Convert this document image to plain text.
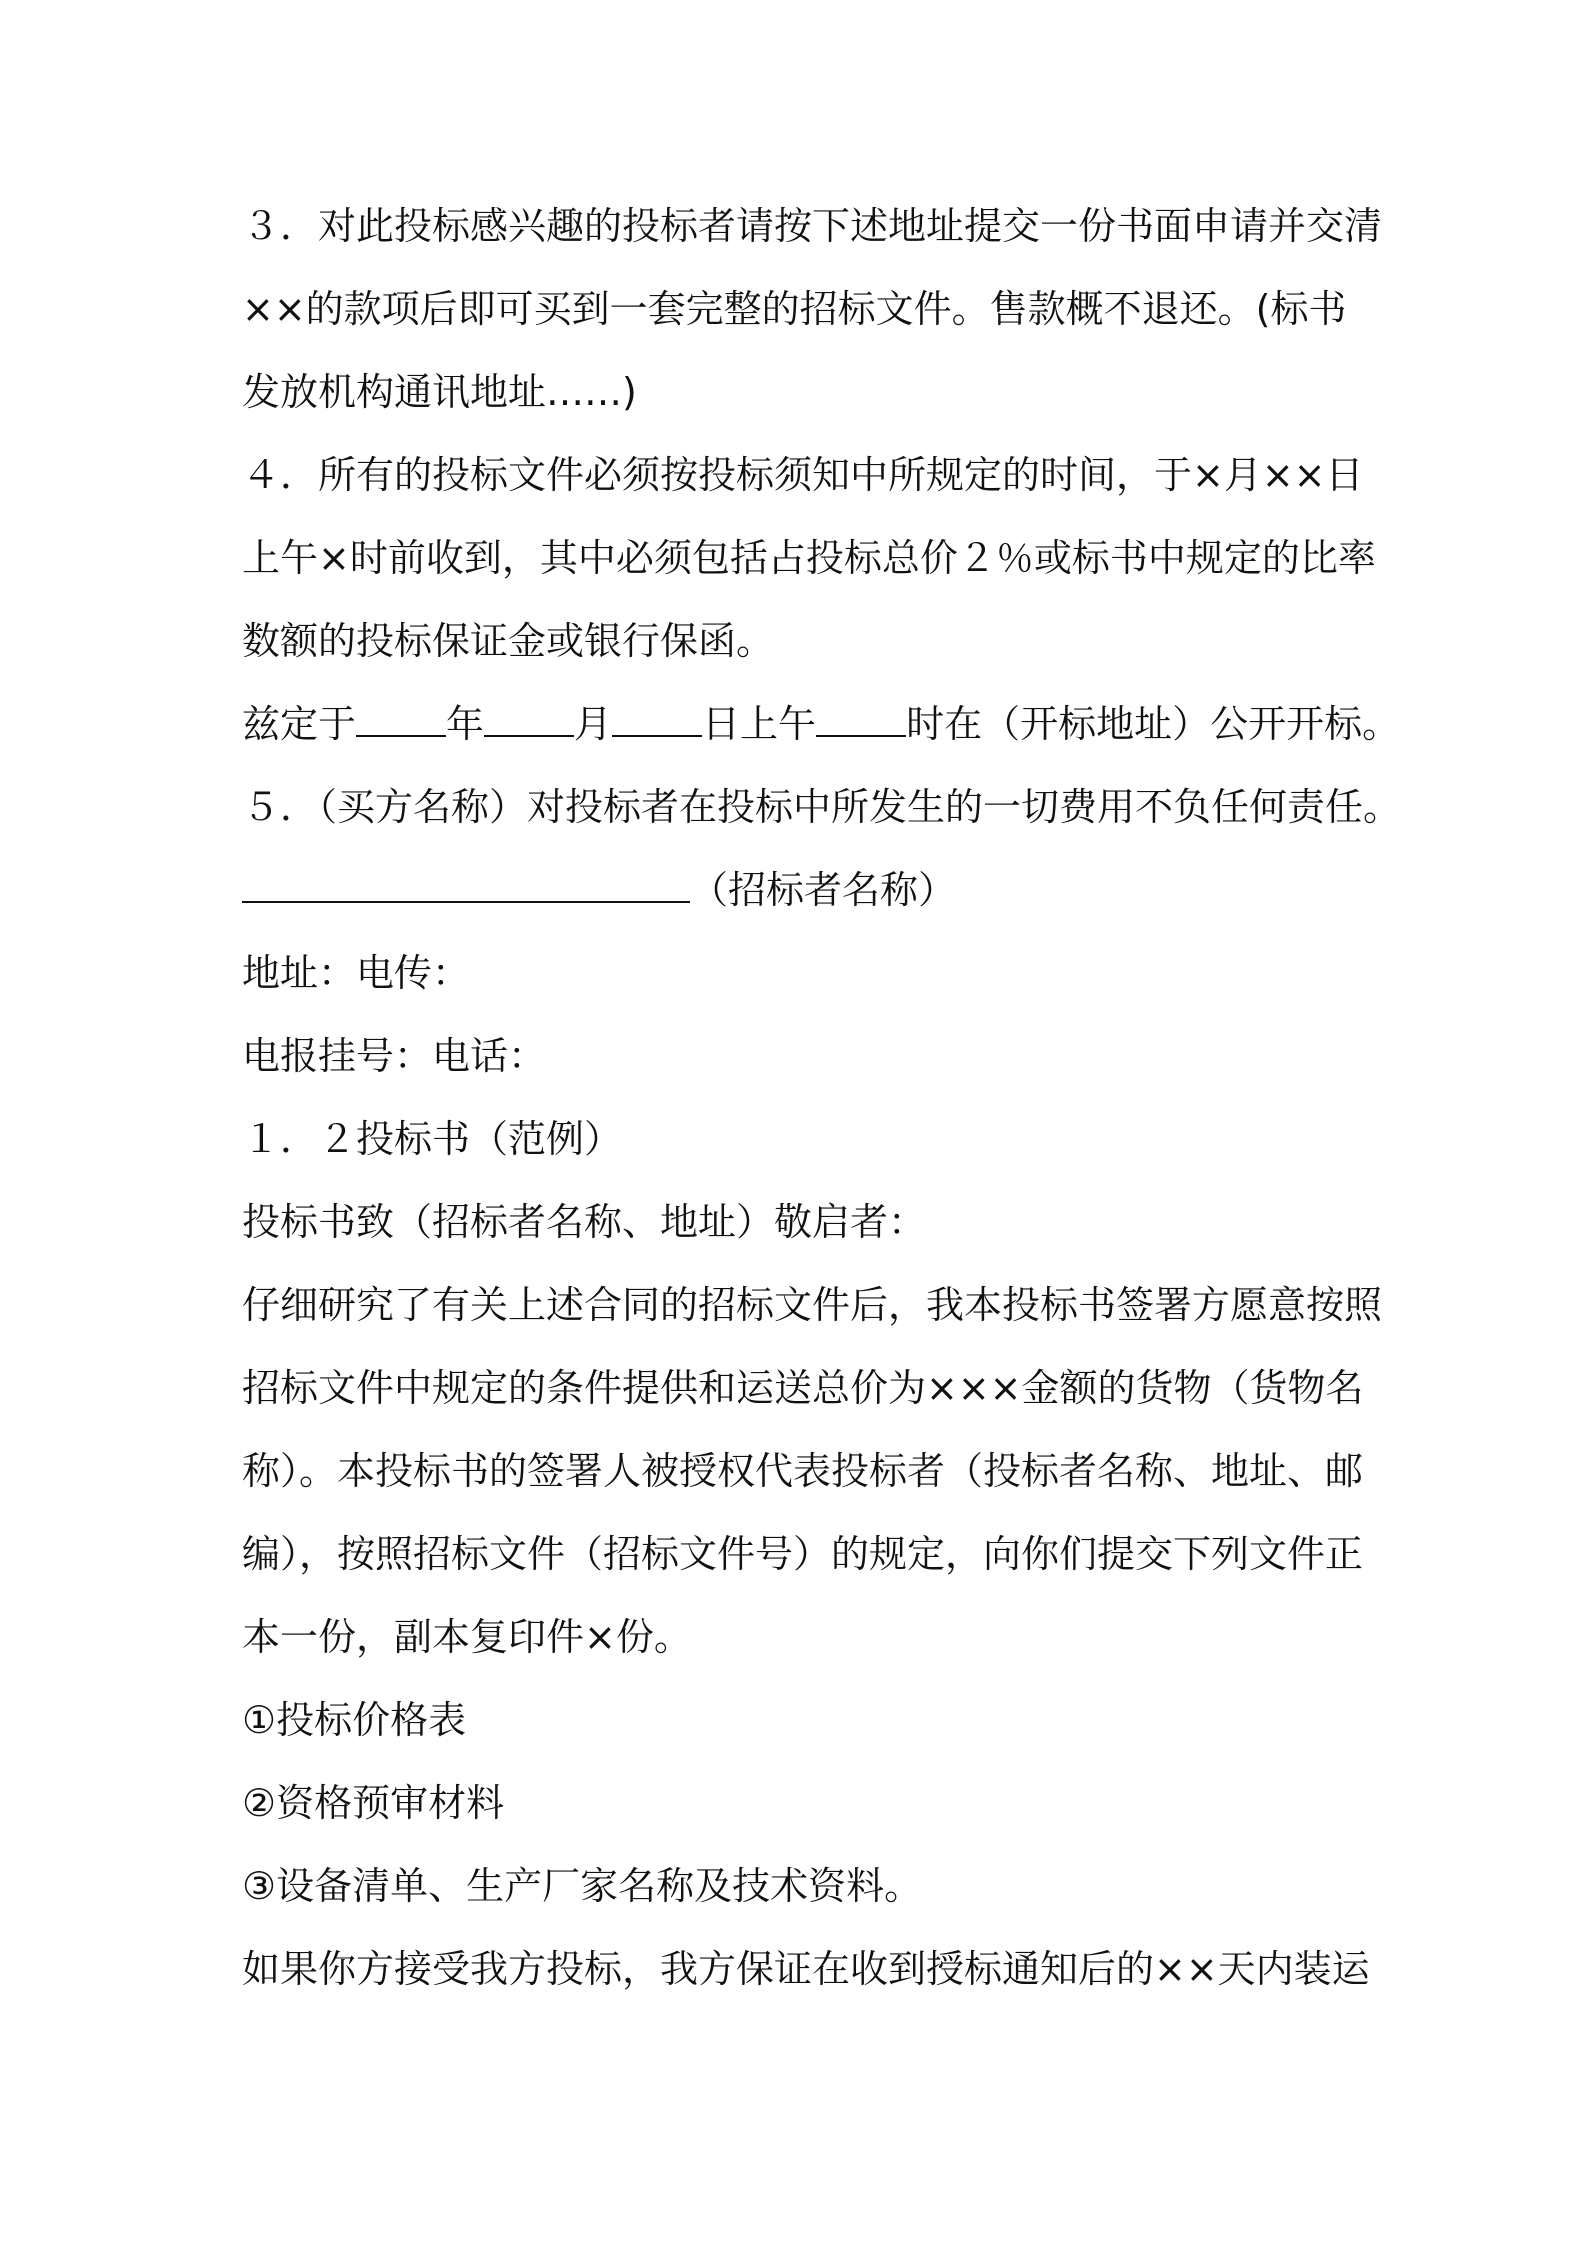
３．对此投标感兴趣的投标者请按下述地址提交一份书面申请并交清
××的款项后即可买到一套完整的招标文件。售款概不退还。(标书
发放机构通讯地址……)
４．所有的投标文件必须按投标须知中所规定的时间，于×月××日
上午×时前收到，其中必须包括占投标总价２％或标书中规定的比率
数额的投标保证金或银行保函。
兹定于 年 月 日上午 时在（开标地址）公开开标。
５．（买方名称）对投标者在投标中所发生的一切费用不负任何责任。
（招标者名称）
地址：电传：
电报挂号：电话：
１．２投标书（范例）
投标书致（招标者名称、地址）敬启者：
仔细研究了有关上述合同的招标文件后，我本投标书签署方愿意按照
招标文件中规定的条件提供和运送总价为×××金额的货物（货物名
称）。本投标书的签署人被授权代表投标者（投标者名称、地址、邮
编），按照招标文件（招标文件号）的规定，向你们提交下列文件正
本一份，副本复印件×份。
①投标价格表
②资格预审材料
③设备清单、生产厂家名称及技术资料。
如果你方接受我方投标，我方保证在收到授标通知后的××天内装运
